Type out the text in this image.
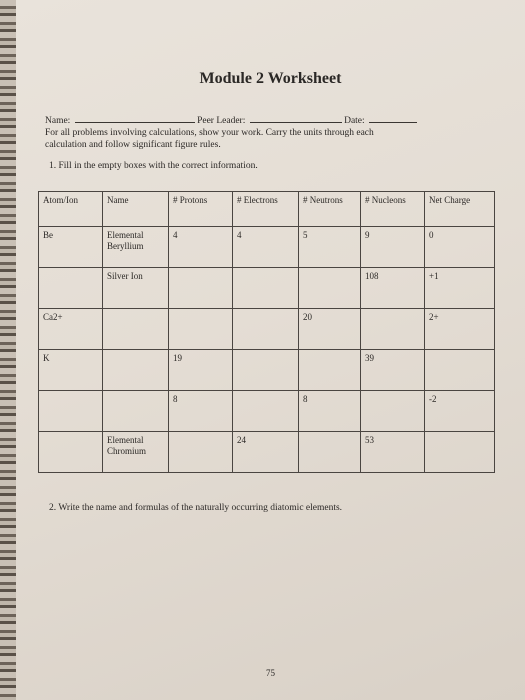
Module 2 Worksheet
Name:	Peer Leader:	Date:
For all problems involving calculations, show your work. Carry the units through each
calculation and follow significant figure rules.
1. Fill in the empty boxes with the correct information.
Atom/Ion	Name	# Protons	# Electrons	# Neutrons	# Nucleons	Net Charge
Be	Elemental Beryllium	4	4	5	9	0
	Silver Ion				108	+1
Ca2+				20		2+
K		19			39	
		8		8		-2
	Elemental Chromium		24		53	
2. Write the name and formulas of the naturally occurring diatomic elements.
75
